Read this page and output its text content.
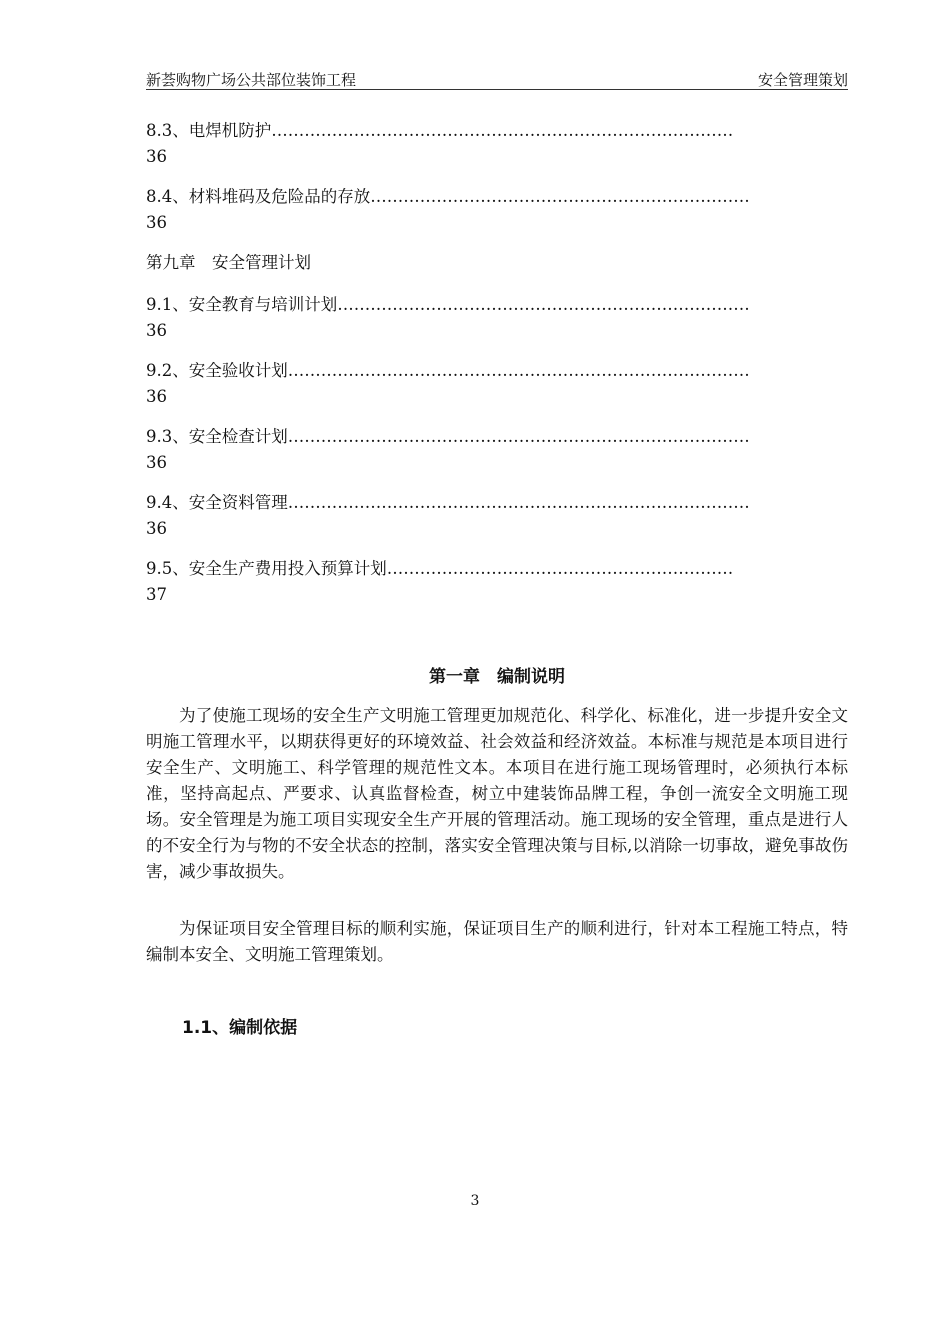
新荟购物广场公共部位装饰工程	安全管理策划
8.3、电焊机防护…………………………………………………………………………
36
8.4、材料堆码及危险品的存放……………………………………………………………
36
第九章　安全管理计划
9.1、安全教育与培训计划…………………………………………………………………
36
9.2、安全验收计划…………………………………………………………………………
36
9.3、安全检查计划…………………………………………………………………………
36
9.4、安全资料管理…………………………………………………………………………
36
9.5、安全生产费用投入预算计划………………………………………………………
37
第一章　编制说明
为了使施工现场的安全生产文明施工管理更加规范化、科学化、标准化，进一步提升安全文明施工管理水平，以期获得更好的环境效益、社会效益和经济效益。本标准与规范是本项目进行安全生产、文明施工、科学管理的规范性文本。本项目在进行施工现场管理时，必须执行本标准，坚持高起点、严要求、认真监督检查，树立中建装饰品牌工程，争创一流安全文明施工现场。安全管理是为施工项目实现安全生产开展的管理活动。施工现场的安全管理，重点是进行人的不安全行为与物的不安全状态的控制，落实安全管理决策与目标,以消除一切事故，避免事故伤害，减少事故损失。
为保证项目安全管理目标的顺利实施，保证项目生产的顺利进行，针对本工程施工特点，特编制本安全、文明施工管理策划。
1.1、编制依据
3
